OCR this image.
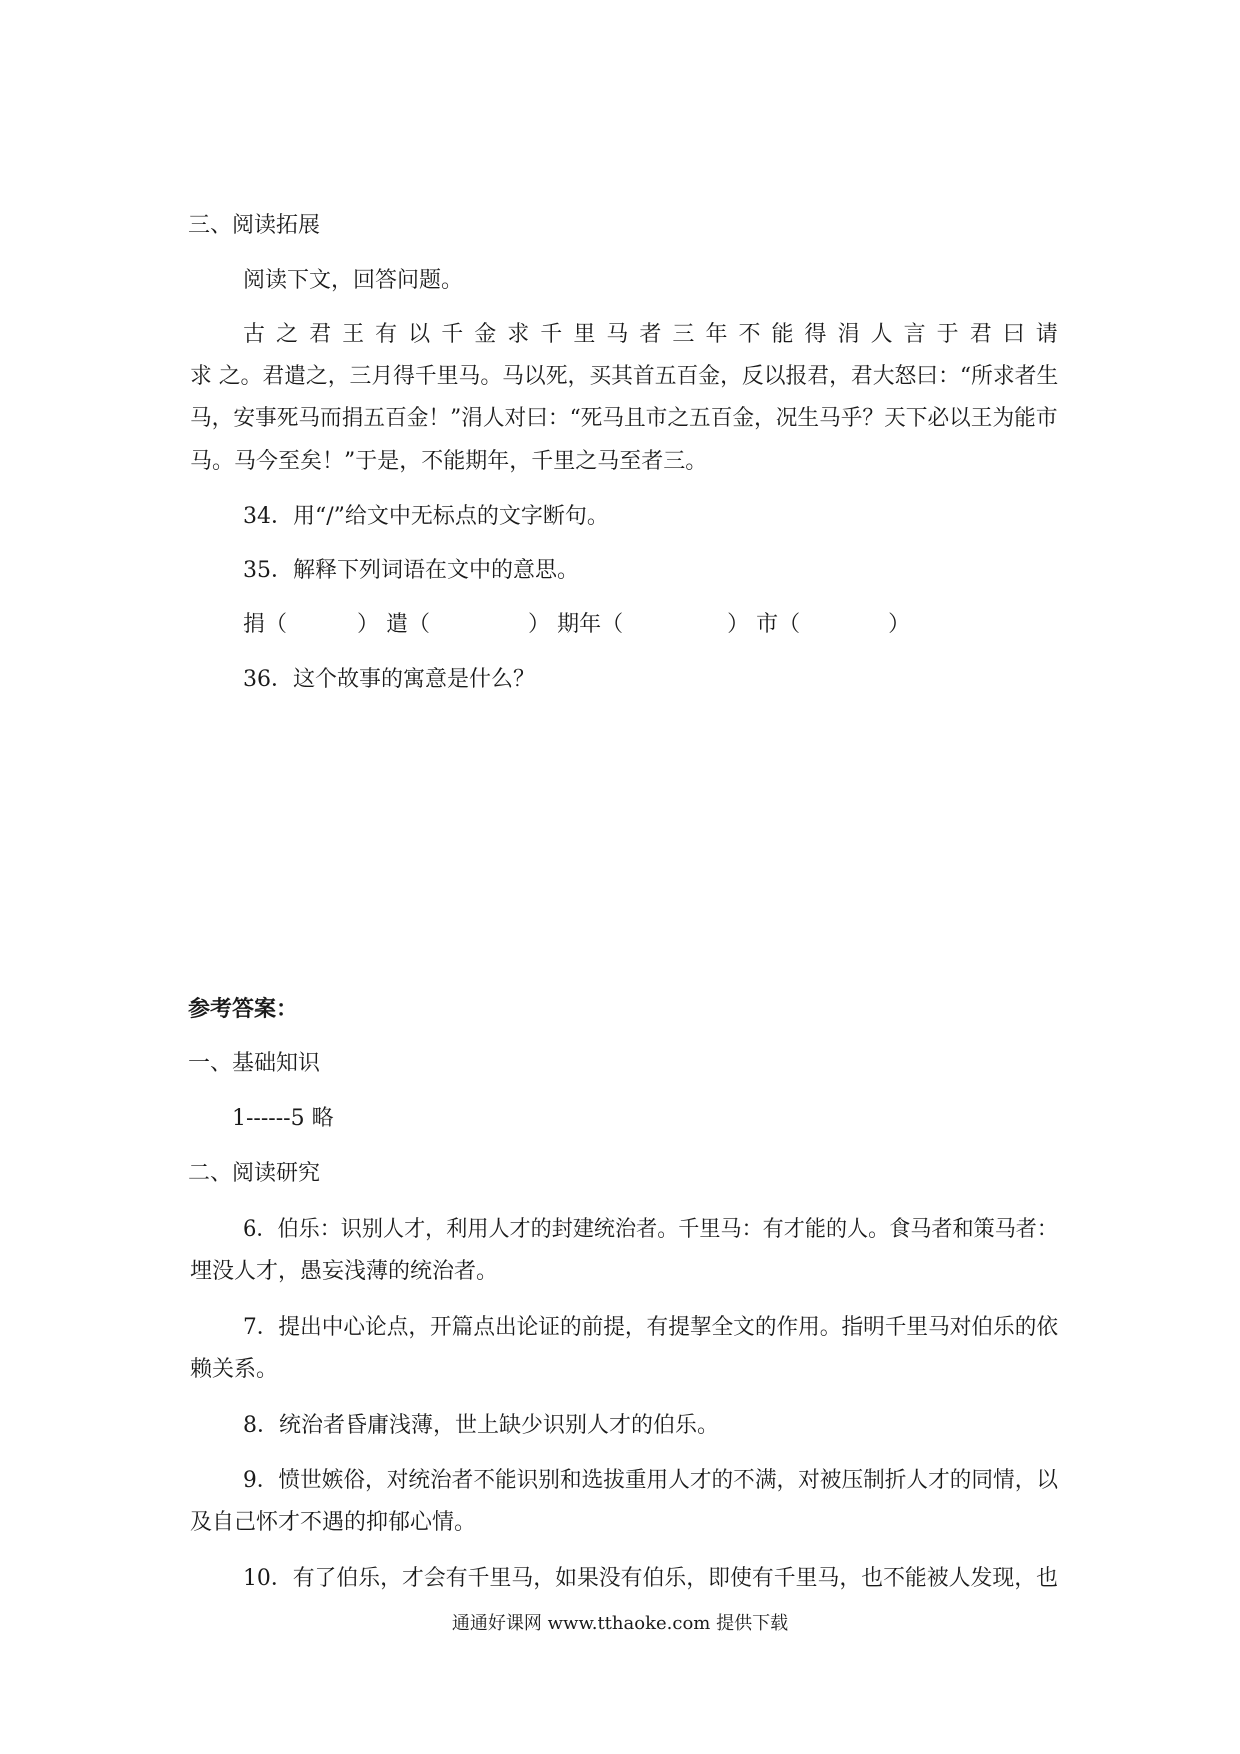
三、阅读拓展
阅读下文，回答问题。
古 之 君 王 有 以 千 金 求 千 里 马 者 三 年 不 能 得 涓 人 言 于 君 曰 请
求 之。君遣之，三月得千里马。马以死，买其首五百金，反以报君，君大怒曰：“所求者生
马，安事死马而捐五百金！”涓人对曰：“死马且市之五百金，况生马乎？天下必以王为能市
马。马今至矣！”于是，不能期年，千里之马至者三。
34．用“/”给文中无标点的文字断句。
35．解释下列词语在文中的意思。
捐（	） 遣（	） 期年（	） 市（	）
36．这个故事的寓意是什么？
参考答案：
一、基础知识
1------5 略
二、阅读研究
6．伯乐：识别人才，利用人才的封建统治者。千里马：有才能的人。食马者和策马者：
埋没人才，愚妄浅薄的统治者。
7．提出中心论点，开篇点出论证的前提，有提挈全文的作用。指明千里马对伯乐的依
赖关系。
8．统治者昏庸浅薄，世上缺少识别人才的伯乐。
9．愤世嫉俗，对统治者不能识别和选拔重用人才的不满，对被压制折人才的同情，以
及自己怀才不遇的抑郁心情。
10．有了伯乐，才会有千里马，如果没有伯乐，即使有千里马，也不能被人发现，也
通通好课网 www.tthaoke.com 提供下载
